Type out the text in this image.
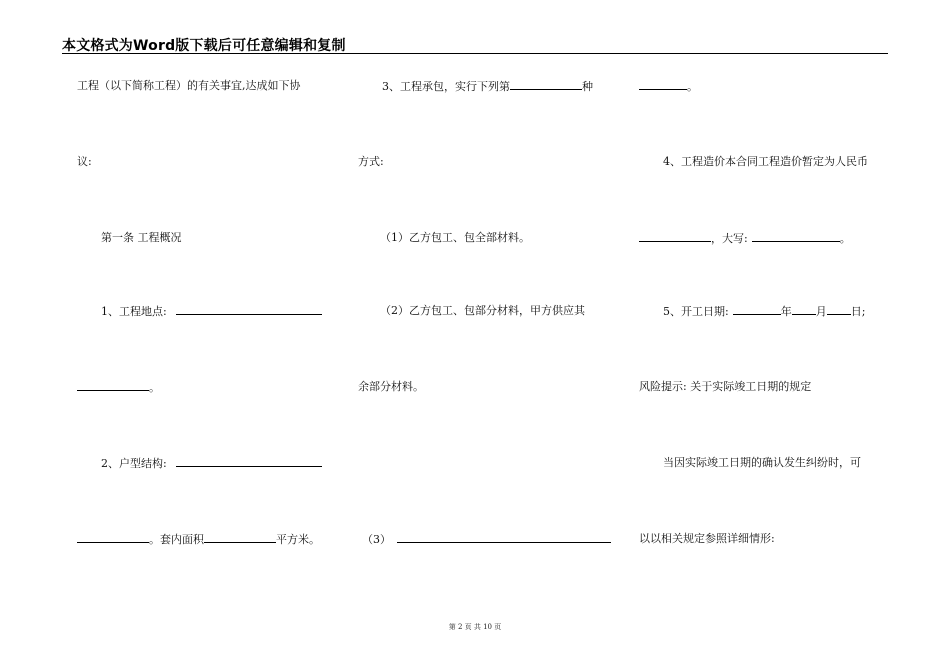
本文格式为Word版下载后可任意编辑和复制
工程（以下简称工程）的有关事宜,达成如下协
议:
第一条 工程概况
1、工程地点:
。
2、户型结构:
。套内面积	平方米。
3、工程承包，实行下列第	种
方式:
（1）乙方包工、包全部材料。
（2）乙方包工、包部分材料，甲方供应其
余部分材料。
（3）
。
4、工程造价本合同工程造价暂定为人民币
，大写:	。
5、开工日期:	年 月 日;
风险提示: 关于实际竣工日期的规定
当因实际竣工日期的确认发生纠纷时，可
以以相关规定参照详细情形:
第 2 页 共 10 页
